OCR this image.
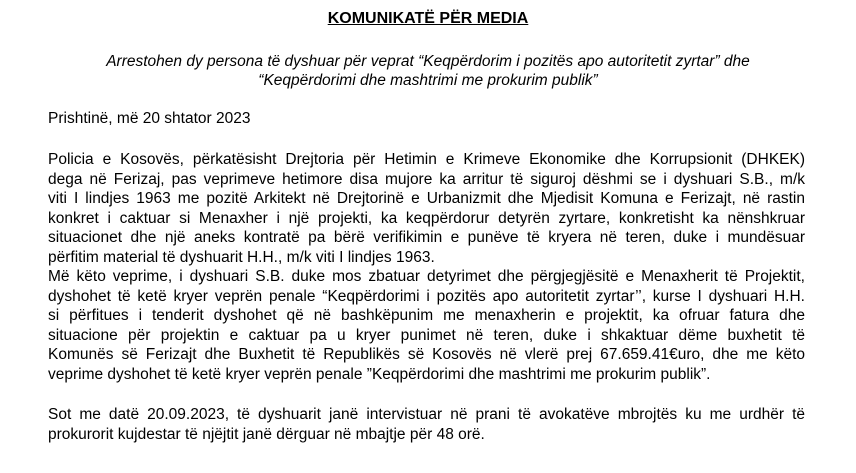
KOMUNIKATË PËR MEDIA

Arrestohen dy persona të dyshuar për veprat “Keqpërdorim i pozitës apo autoritetit zyrtar” dhe
“Keqpërdorimi dhe mashtrimi me prokurim publik”

Prishtinë, më 20 shtator 2023

Policia e Kosovës, përkatësisht Drejtoria për Hetimin e Krimeve Ekonomike dhe Korrupsionit (DHKEK)
dega në Ferizaj, pas veprimeve hetimore disa mujore ka arritur të siguroj dëshmi se i dyshuari S.B., m/k
viti I lindjes 1963 me pozitë Arkitekt në Drejtorinë e Urbanizmit dhe Mjedisit Komuna e Ferizajt, në rastin
konkret i caktuar si Menaxher i një projekti, ka keqpërdorur detyrën zyrtare, konkretisht ka nënshkruar
situacionet dhe një aneks kontratë pa bërë verifikimin e punëve të kryera në teren, duke i mundësuar
përfitim material të dyshuarit H.H., m/k viti I lindjes 1963.

Më këto veprime, i dyshuari S.B. duke mos zbatuar detyrimet dhe përgjegjësitë e Menaxherit të Projektit,
dyshohet të ketë kryer veprën penale “Keqpërdorimi i pozitës apo autoritetit zyrtar’’, kurse I dyshuari H.H.
si përfitues i tenderit dyshohet që në bashkëpunim me menaxherin e projektit, ka ofruar fatura dhe
situacione për projektin e caktuar pa u kryer punimet në teren, duke i shkaktuar dëme buxhetit të
Komunës së Ferizajt dhe Buxhetit të Republikës së Kosovës në vlerë prej 67.659.41€uro, dhe me këto
veprime dyshohet të ketë kryer veprën penale ”Keqpërdorimi dhe mashtrimi me prokurim publik”.

Sot me datë 20.09.2023, të dyshuarit janë intervistuar në prani të avokatëve mbrojtës ku me urdhër të
prokurorit kujdestar të njëjtit janë dërguar në mbajtje për 48 orë.
